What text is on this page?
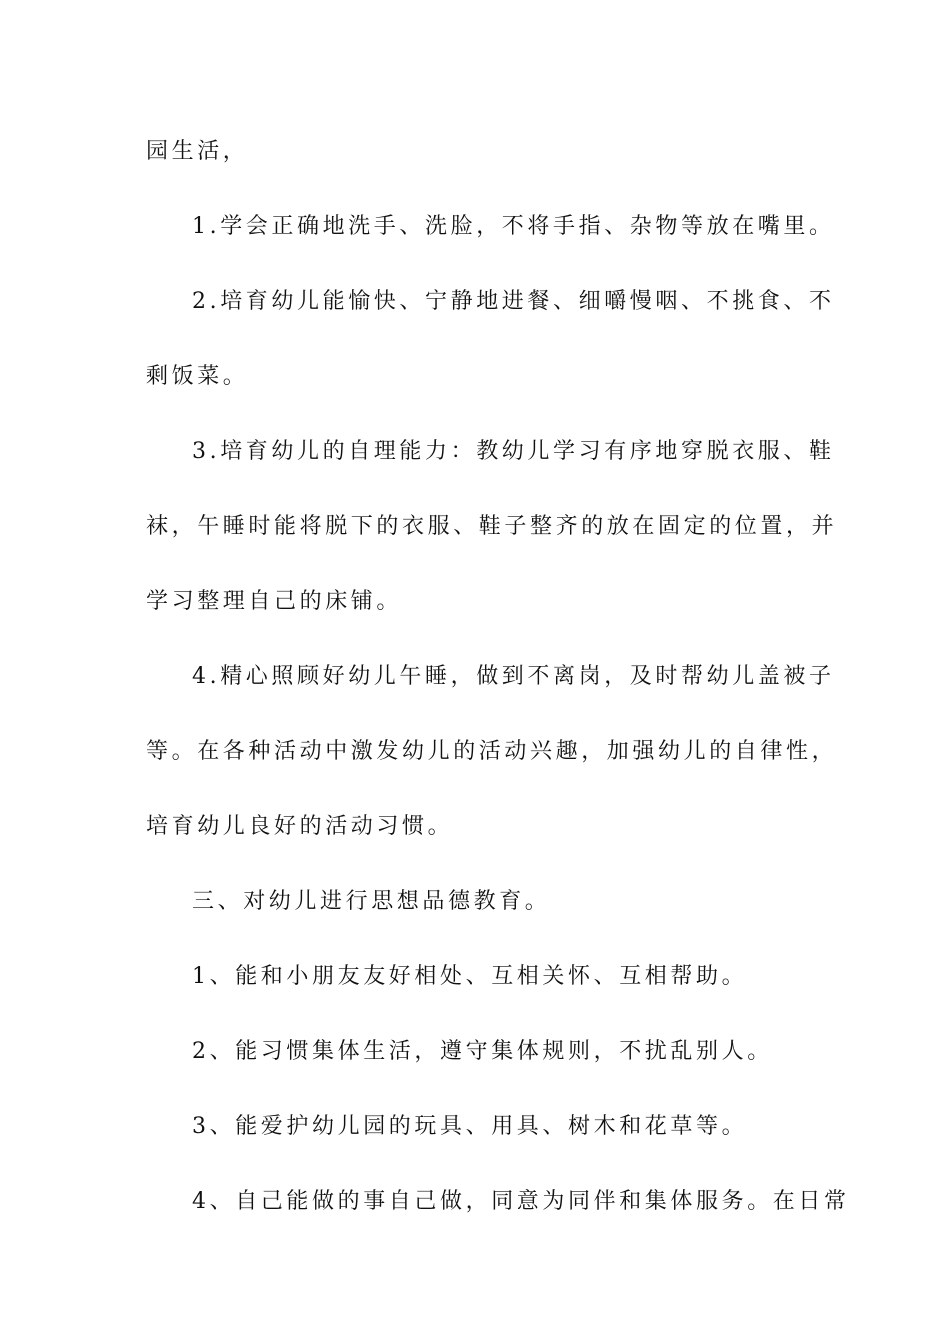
园生活，
1.学会正确地洗手、洗脸，不将手指、杂物等放在嘴里。
2.培育幼儿能愉快、宁静地进餐、细嚼慢咽、不挑食、不
剩饭菜。
3.培育幼儿的自理能力：教幼儿学习有序地穿脱衣服、鞋
袜，午睡时能将脱下的衣服、鞋子整齐的放在固定的位置，并
学习整理自己的床铺。
4.精心照顾好幼儿午睡，做到不离岗，及时帮幼儿盖被子
等。在各种活动中激发幼儿的活动兴趣，加强幼儿的自律性，
培育幼儿良好的活动习惯。
三、对幼儿进行思想品德教育。
1、能和小朋友友好相处、互相关怀、互相帮助。
2、能习惯集体生活，遵守集体规则，不扰乱别人。
3、能爱护幼儿园的玩具、用具、树木和花草等。
4、自己能做的事自己做，同意为同伴和集体服务。在日常
